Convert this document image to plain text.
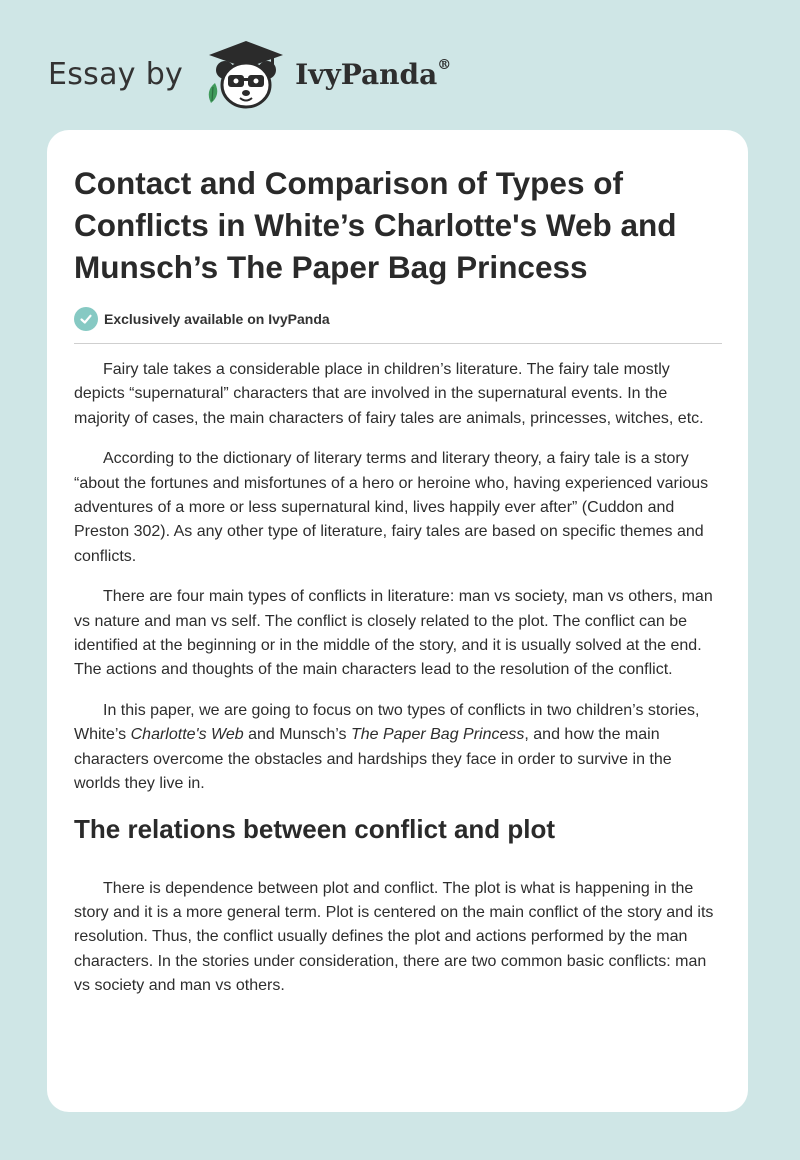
Essay by	IvyPanda®
Contact and Comparison of Types of Conflicts in White’s Charlotte's Web and Munsch’s The Paper Bag Princess
Exclusively available on IvyPanda

Fairy tale takes a considerable place in children’s literature. The fairy tale mostly depicts “supernatural” characters that are involved in the supernatural events. In the majority of cases, the main characters of fairy tales are animals, princesses, witches, etc.

According to the dictionary of literary terms and literary theory, a fairy tale is a story “about the fortunes and misfortunes of a hero or heroine who, having experienced various adventures of a more or less supernatural kind, lives happily ever after” (Cuddon and Preston 302). As any other type of literature, fairy tales are based on specific themes and conflicts.

There are four main types of conflicts in literature: man vs society, man vs others, man vs nature and man vs self. The conflict is closely related to the plot. The conflict can be identified at the beginning or in the middle of the story, and it is usually solved at the end. The actions and thoughts of the main characters lead to the resolution of the conflict.

In this paper, we are going to focus on two types of conflicts in two children’s stories, White’s Charlotte's Web and Munsch’s The Paper Bag Princess, and how the main characters overcome the obstacles and hardships they face in order to survive in the worlds they live in.

The relations between conflict and plot

There is dependence between plot and conflict. The plot is what is happening in the story and it is a more general term. Plot is centered on the main conflict of the story and its resolution. Thus, the conflict usually defines the plot and actions performed by the man characters. In the stories under consideration, there are two common basic conflicts: man vs society and man vs others.
